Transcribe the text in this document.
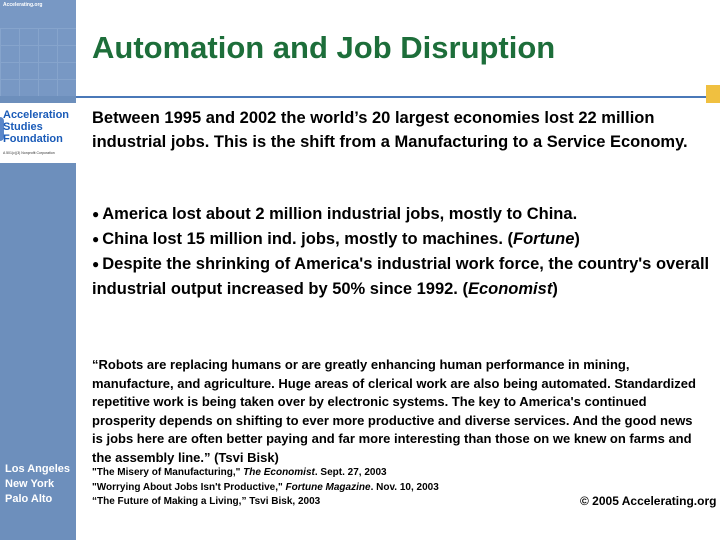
Accelerating.org
Acceleration
Studies
Foundation
A 501(c)(3) Nonprofit Corporation
Los Angeles
New York
Palo Alto
Automation and Job Disruption
Between 1995 and 2002 the world’s 20 largest economies lost 22 million industrial jobs. This is the shift from a Manufacturing to a Service Economy.

● America lost about 2 million industrial jobs, mostly to China.

● China lost 15 million ind. jobs, mostly to machines. (Fortune)

● Despite the shrinking of America's industrial work force, the country's overall industrial output increased by 50% since 1992. (Economist)

“Robots are replacing humans or are greatly enhancing human performance in mining, manufacture, and agriculture. Huge areas of clerical work are also being automated. Standardized repetitive work is being taken over by electronic systems. The key to America's continued prosperity depends on shifting to ever more productive and diverse services. And the good news is jobs here are often better paying and far more interesting than those on we knew on farms and the assembly line.” (Tsvi Bisk)
"The Misery of Manufacturing," The Economist. Sept. 27, 2003
"Worrying About Jobs Isn't Productive," Fortune Magazine. Nov. 10, 2003
“The Future of Making a Living,” Tsvi Bisk, 2003	© 2005 Accelerating.org
